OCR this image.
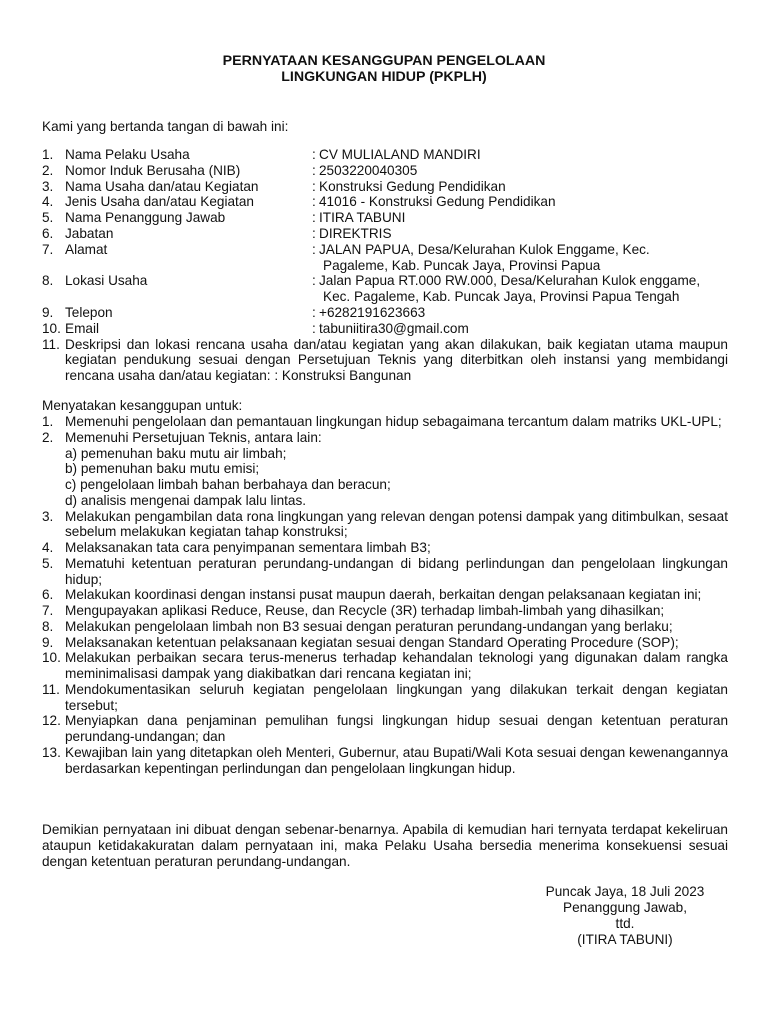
PERNYATAAN KESANGGUPAN PENGELOLAAN
LINGKUNGAN HIDUP (PKPLH)
Kami yang bertanda tangan di bawah ini:
1. Nama Pelaku Usaha	: CV MULIALAND MANDIRI
2. Nomor Induk Berusaha (NIB)	: 2503220040305
3. Nama Usaha dan/atau Kegiatan	: Konstruksi Gedung Pendidikan
4. Jenis Usaha dan/atau Kegiatan	: 41016 - Konstruksi Gedung Pendidikan
5. Nama Penanggung Jawab	: ITIRA TABUNI
6. Jabatan	: DIREKTRIS
7. Alamat	: JALAN PAPUA, Desa/Kelurahan Kulok Enggame, Kec.
Pagaleme, Kab. Puncak Jaya, Provinsi Papua
8. Lokasi Usaha	: Jalan Papua RT.000 RW.000, Desa/Kelurahan Kulok enggame,
Kec. Pagaleme, Kab. Puncak Jaya, Provinsi Papua Tengah
9. Telepon	: +6282191623663
10. Email	: tabuniitira30@gmail.com
11. Deskripsi dan lokasi rencana usaha dan/atau kegiatan yang akan dilakukan, baik kegiatan utama maupun kegiatan pendukung sesuai dengan Persetujuan Teknis yang diterbitkan oleh instansi yang membidangi rencana usaha dan/atau kegiatan: : Konstruksi Bangunan
Menyatakan kesanggupan untuk:
1. Memenuhi pengelolaan dan pemantauan lingkungan hidup sebagaimana tercantum dalam matriks UKL-UPL;
2. Memenuhi Persetujuan Teknis, antara lain:
a) pemenuhan baku mutu air limbah;
b) pemenuhan baku mutu emisi;
c) pengelolaan limbah bahan berbahaya dan beracun;
d) analisis mengenai dampak lalu lintas.
3. Melakukan pengambilan data rona lingkungan yang relevan dengan potensi dampak yang ditimbulkan, sesaat sebelum melakukan kegiatan tahap konstruksi;
4. Melaksanakan tata cara penyimpanan sementara limbah B3;
5. Mematuhi ketentuan peraturan perundang-undangan di bidang perlindungan dan pengelolaan lingkungan hidup;
6. Melakukan koordinasi dengan instansi pusat maupun daerah, berkaitan dengan pelaksanaan kegiatan ini;
7. Mengupayakan aplikasi Reduce, Reuse, dan Recycle (3R) terhadap limbah-limbah yang dihasilkan;
8. Melakukan pengelolaan limbah non B3 sesuai dengan peraturan perundang-undangan yang berlaku;
9. Melaksanakan ketentuan pelaksanaan kegiatan sesuai dengan Standard Operating Procedure (SOP);
10. Melakukan perbaikan secara terus-menerus terhadap kehandalan teknologi yang digunakan dalam rangka meminimalisasi dampak yang diakibatkan dari rencana kegiatan ini;
11. Mendokumentasikan seluruh kegiatan pengelolaan lingkungan yang dilakukan terkait dengan kegiatan tersebut;
12. Menyiapkan dana penjaminan pemulihan fungsi lingkungan hidup sesuai dengan ketentuan peraturan perundang-undangan; dan
13. Kewajiban lain yang ditetapkan oleh Menteri, Gubernur, atau Bupati/Wali Kota sesuai dengan kewenangannya berdasarkan kepentingan perlindungan dan pengelolaan lingkungan hidup.
Demikian pernyataan ini dibuat dengan sebenar-benarnya. Apabila di kemudian hari ternyata terdapat kekeliruan ataupun ketidakakuratan dalam pernyataan ini, maka Pelaku Usaha bersedia menerima konsekuensi sesuai dengan ketentuan peraturan perundang-undangan.
Puncak Jaya, 18 Juli 2023
Penanggung Jawab,
ttd.
(ITIRA TABUNI)
